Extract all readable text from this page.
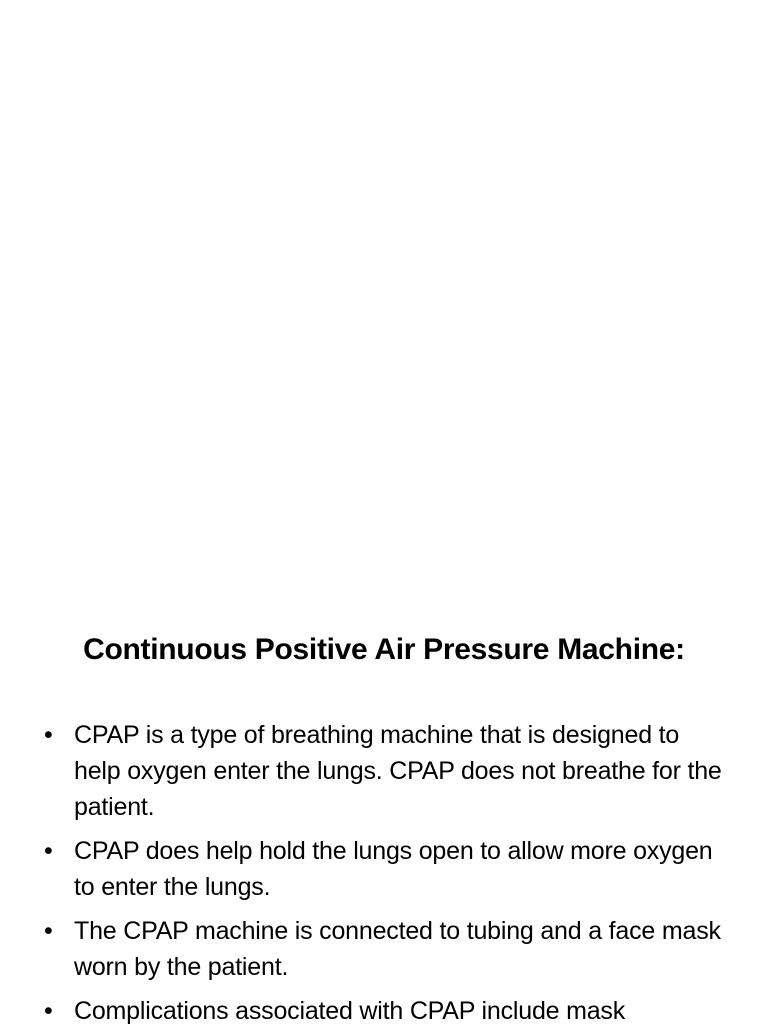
Continuous Positive Air Pressure Machine:
• CPAP is a type of breathing machine that is designed to help oxygen enter the lungs. CPAP does not breathe for the patient.
• CPAP does help hold the lungs open to allow more oxygen to enter the lungs.
• The CPAP machine is connected to tubing and a face mask worn by the patient.
• Complications associated with CPAP include mask
